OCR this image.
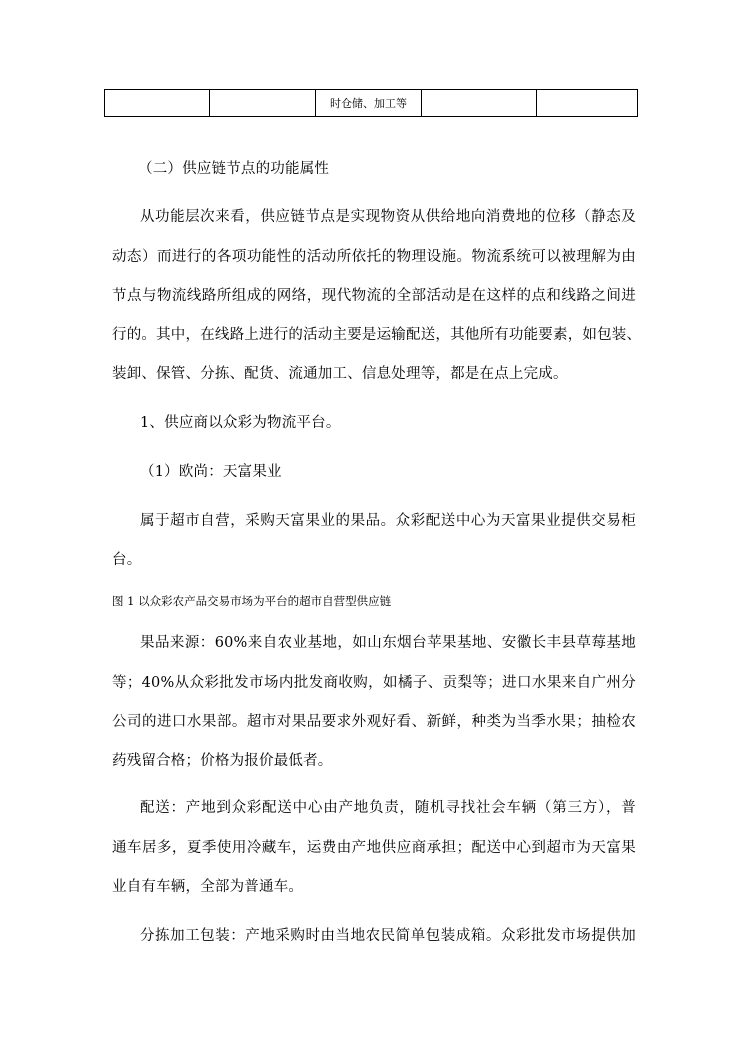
		时仓储、加工等		
（二）供应链节点的功能属性
从功能层次来看，供应链节点是实现物资从供给地向消费地的位移（静态及
动态）而进行的各项功能性的活动所依托的物理设施。物流系统可以被理解为由
节点与物流线路所组成的网络，现代物流的全部活动是在这样的点和线路之间进
行的。其中，在线路上进行的活动主要是运输配送，其他所有功能要素，如包装、
装卸、保管、分拣、配货、流通加工、信息处理等，都是在点上完成。
1、供应商以众彩为物流平台。
（1）欧尚：天富果业
属于超市自营，采购天富果业的果品。众彩配送中心为天富果业提供交易柜
台。
图 1 以众彩农产品交易市场为平台的超市自营型供应链
果品来源：60%来自农业基地，如山东烟台苹果基地、安徽长丰县草莓基地
等；40%从众彩批发市场内批发商收购，如橘子、贡梨等；进口水果来自广州分
公司的进口水果部。超市对果品要求外观好看、新鲜，种类为当季水果；抽检农
药残留合格；价格为报价最低者。
配送：产地到众彩配送中心由产地负责，随机寻找社会车辆（第三方），普
通车居多，夏季使用冷藏车，运费由产地供应商承担；配送中心到超市为天富果
业自有车辆，全部为普通车。
分拣加工包装：产地采购时由当地农民简单包装成箱。众彩批发市场提供加
